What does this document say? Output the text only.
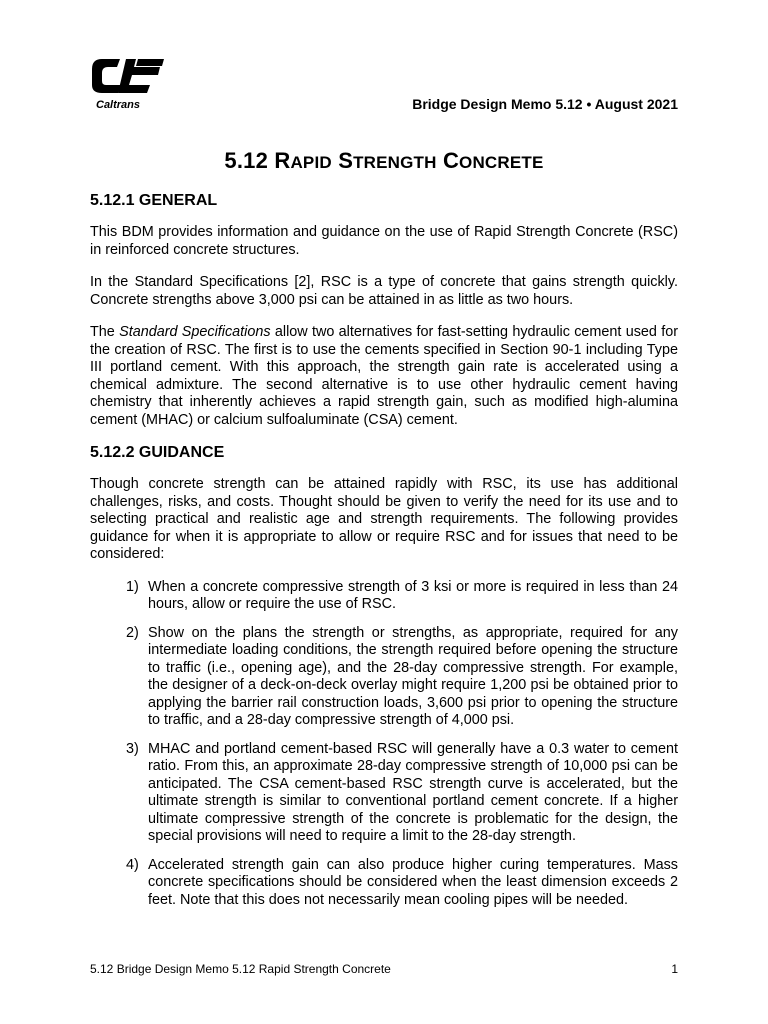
Caltrans	Bridge Design Memo 5.12 • August 2021
5.12 RAPID STRENGTH CONCRETE
5.12.1 GENERAL

This BDM provides information and guidance on the use of Rapid Strength Concrete (RSC) in reinforced concrete structures.

In the Standard Specifications [2], RSC is a type of concrete that gains strength quickly. Concrete strengths above 3,000 psi can be attained in as little as two hours.

The Standard Specifications allow two alternatives for fast-setting hydraulic cement used for the creation of RSC. The first is to use the cements specified in Section 90-1 including Type III portland cement. With this approach, the strength gain rate is accelerated using a chemical admixture. The second alternative is to use other hydraulic cement having chemistry that inherently achieves a rapid strength gain, such as modified high-alumina cement (MHAC) or calcium sulfoaluminate (CSA) cement.

5.12.2 GUIDANCE

Though concrete strength can be attained rapidly with RSC, its use has additional challenges, risks, and costs. Thought should be given to verify the need for its use and to selecting practical and realistic age and strength requirements. The following provides guidance for when it is appropriate to allow or require RSC and for issues that need to be considered:

1) When a concrete compressive strength of 3 ksi or more is required in less than 24 hours, allow or require the use of RSC.
2) Show on the plans the strength or strengths, as appropriate, required for any intermediate loading conditions, the strength required before opening the structure to traffic (i.e., opening age), and the 28-day compressive strength. For example, the designer of a deck-on-deck overlay might require 1,200 psi be obtained prior to applying the barrier rail construction loads, 3,600 psi prior to opening the structure to traffic, and a 28-day compressive strength of 4,000 psi.
3) MHAC and portland cement-based RSC will generally have a 0.3 water to cement ratio. From this, an approximate 28-day compressive strength of 10,000 psi can be anticipated. The CSA cement-based RSC strength curve is accelerated, but the ultimate strength is similar to conventional portland cement concrete. If a higher ultimate compressive strength of the concrete is problematic for the design, the special provisions will need to require a limit to the 28-day strength.
4) Accelerated strength gain can also produce higher curing temperatures. Mass concrete specifications should be considered when the least dimension exceeds 2 feet. Note that this does not necessarily mean cooling pipes will be needed.
5.12 Bridge Design Memo 5.12 Rapid Strength Concrete	1
